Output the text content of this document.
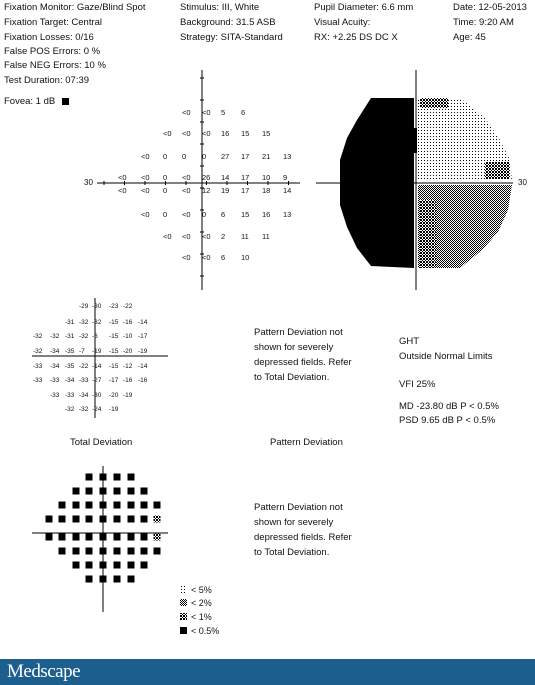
Fixation Monitor: Gaze/Blind Spot
Fixation Target: Central
Fixation Losses: 0/16
False POS Errors: 0 %
False NEG Errors: 10 %
Test Duration: 07:39
Fovea: 1 dB
Stimulus: III, White
Background: 31.5 ASB
Strategy: SITA-Standard
Pupil Diameter: 6.6 mm
Visual Acuity:
RX: +2.25 DS DC X
Date: 12-05-2013
Time: 9:20 AM
Age: 45
30	30
<0 <0 5 6
<0 <0 <0 16 15 15
<0 0 0 0 27 17 21 13
<0 <0 0 <0 26 14 17 10 9
<0 <0 0 <0 12 19 17 18 14
<0 0 <0 0 6 15 16 13
<0 <0 <0 2 11 11
<0 <0 6 10
-29 -30 -23 -22
-31 -32 -32 -15 -16 -14
-32 -32 -31 -32 -6 -15 -10 -17
-32 -34 -35 -7 -19 -15 -20 -19
-33 -34 -35 -22 -14 -15 -12 -14
-33 -33 -34 -33 -27 -17 -16 -16
-33 -33 -34 -30 -20 -19
-32 -32 -24 -19
Pattern Deviation not
shown for severely
depressed fields. Refer
to Total Deviation.
GHT
Outside Normal Limits
VFI 25%
MD -23.80 dB P < 0.5%
PSD 9.65 dB P < 0.5%
Total Deviation	Pattern Deviation
Pattern Deviation not
shown for severely
depressed fields. Refer
to Total Deviation.
< 5%
< 2%
< 1%
< 0.5%
Medscape
